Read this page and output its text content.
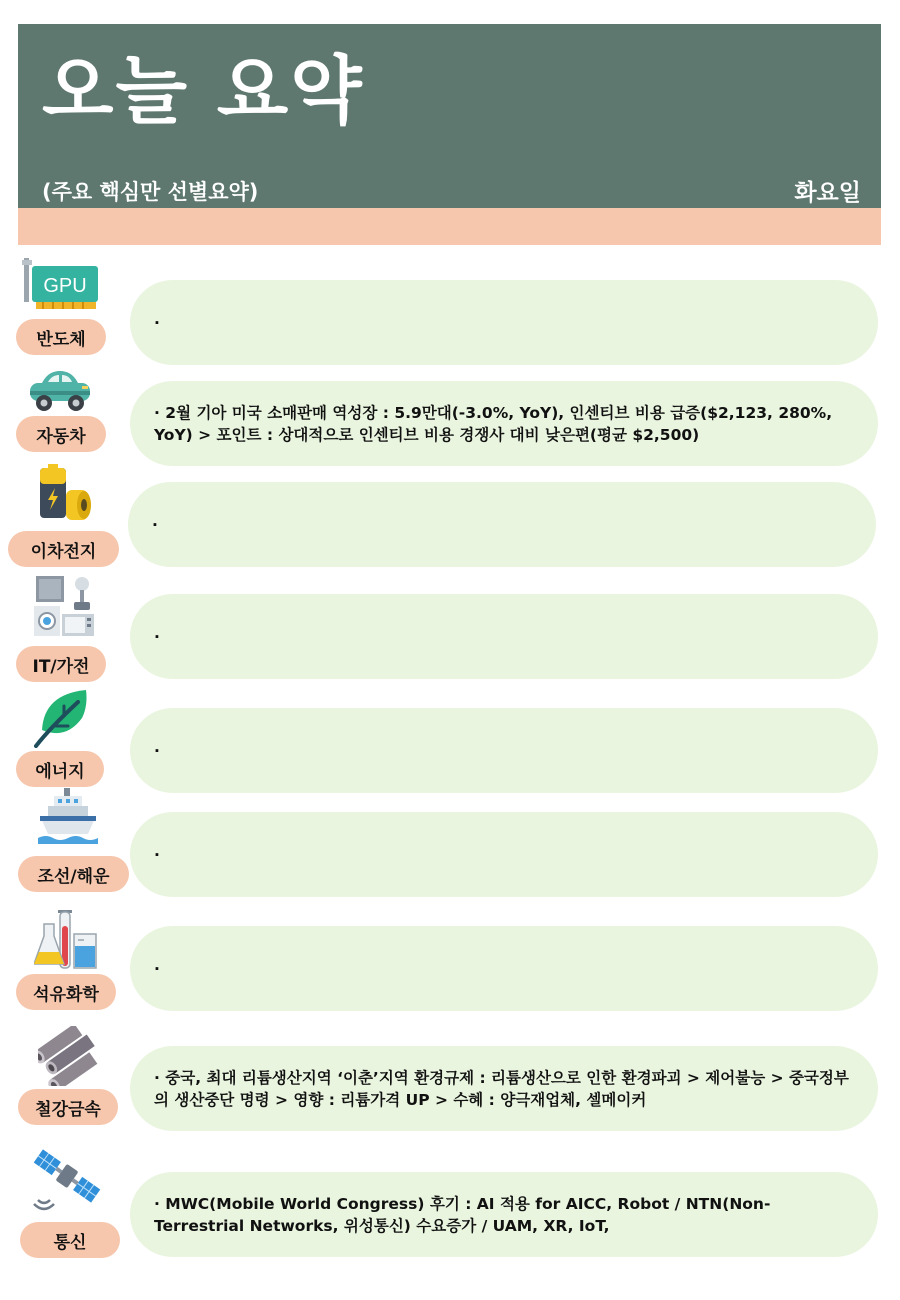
오늘 요약
(주요 핵심만 선별요약)	화요일
GPU
반도체
·
자동차
· 2월 기아 미국 소매판매 역성장 : 5.9만대(-3.0%, YoY), 인센티브 비용 급증($2,123, 280%, YoY) > 포인트 : 상대적으로 인센티브 비용 경쟁사 대비 낮은편(평균 $2,500)
이차전지
·
IT/가전
·
에너지
·
조선/해운
·
석유화학
·
철강금속
· 중국, 최대 리튬생산지역 ‘이춘’지역 환경규제 : 리튬생산으로 인한 환경파괴 > 제어불능 > 중국정부의 생산중단 명령 > 영향 : 리튬가격 UP > 수혜 : 양극재업체, 셀메이커
통신
· MWC(Mobile World Congress) 후기 : AI 적용 for AICC, Robot / NTN(Non-Terrestrial Networks, 위성통신) 수요증가 / UAM, XR, IoT,
